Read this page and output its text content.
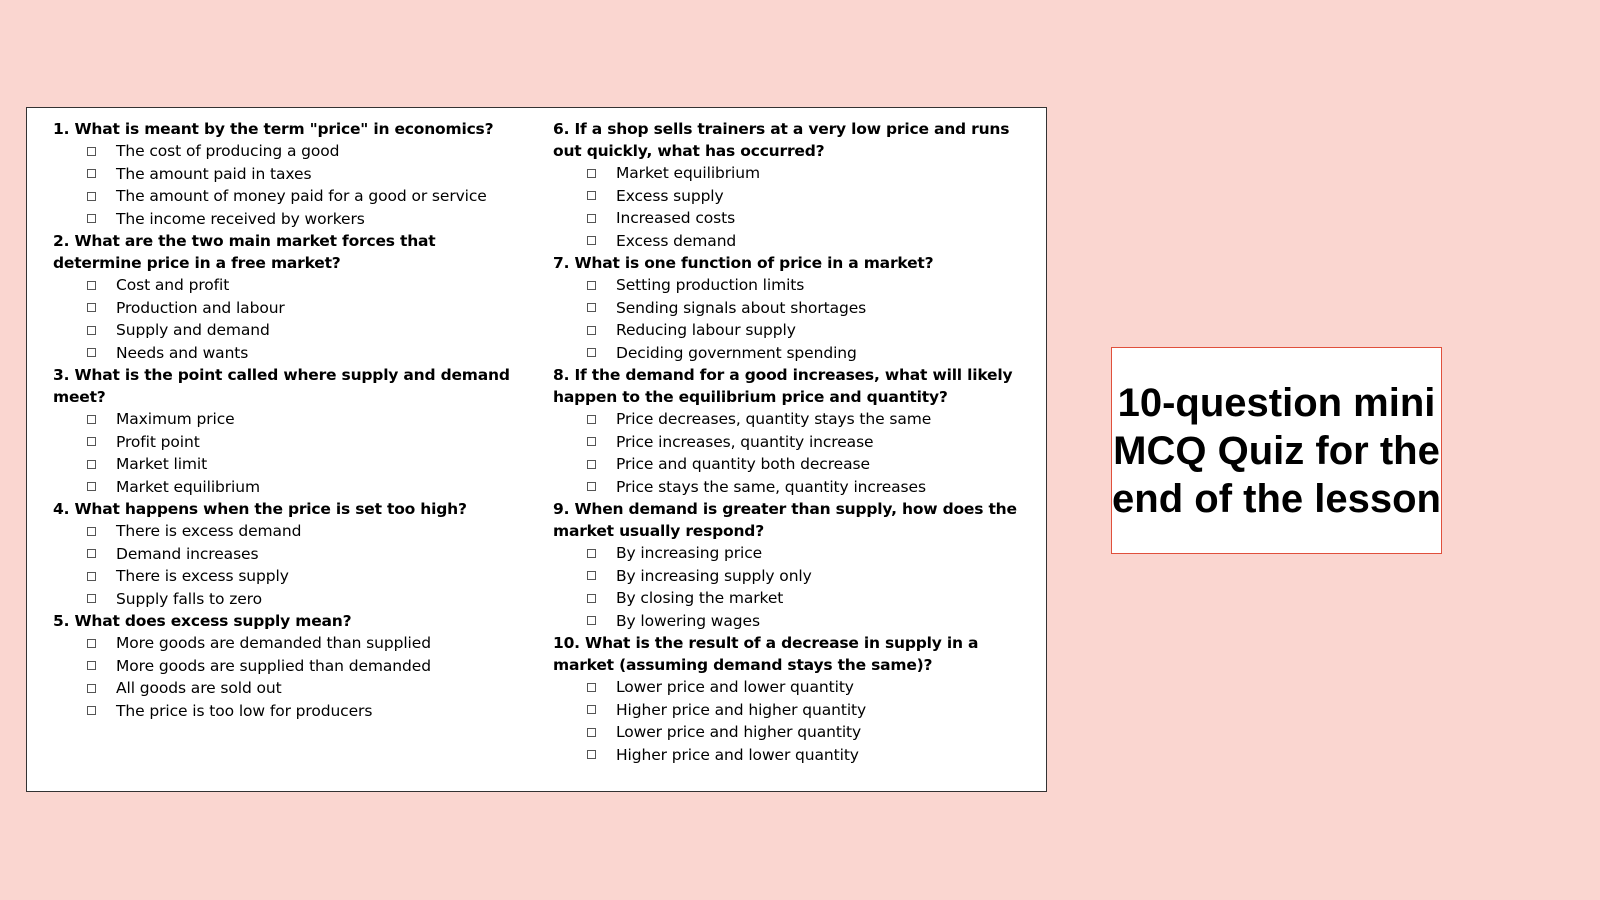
1. What is meant by the term "price" in economics?

The cost of producing a good
The amount paid in taxes
The amount of money paid for a good or service
The income received by workers

2. What are the two main market forces that determine price in a free market?

Cost and profit
Production and labour
Supply and demand
Needs and wants

3. What is the point called where supply and demand meet?

Maximum price
Profit point
Market limit
Market equilibrium

4. What happens when the price is set too high?

There is excess demand
Demand increases
There is excess supply
Supply falls to zero

5. What does excess supply mean?

More goods are demanded than supplied
More goods are supplied than demanded
All goods are sold out
The price is too low for producers

6. If a shop sells trainers at a very low price and runs out quickly, what has occurred?

Market equilibrium
Excess supply
Increased costs
Excess demand

7. What is one function of price in a market?

Setting production limits
Sending signals about shortages
Reducing labour supply
Deciding government spending

8. If the demand for a good increases, what will likely happen to the equilibrium price and quantity?

Price decreases, quantity stays the same
Price increases, quantity increase
Price and quantity both decrease
Price stays the same, quantity increases

9. When demand is greater than supply, how does the market usually respond?

By increasing price
By increasing supply only
By closing the market
By lowering wages

10. What is the result of a decrease in supply in a market (assuming demand stays the same)?

Lower price and lower quantity
Higher price and higher quantity
Lower price and higher quantity
Higher price and lower quantity

10-question mini MCQ Quiz for the end of the lesson
